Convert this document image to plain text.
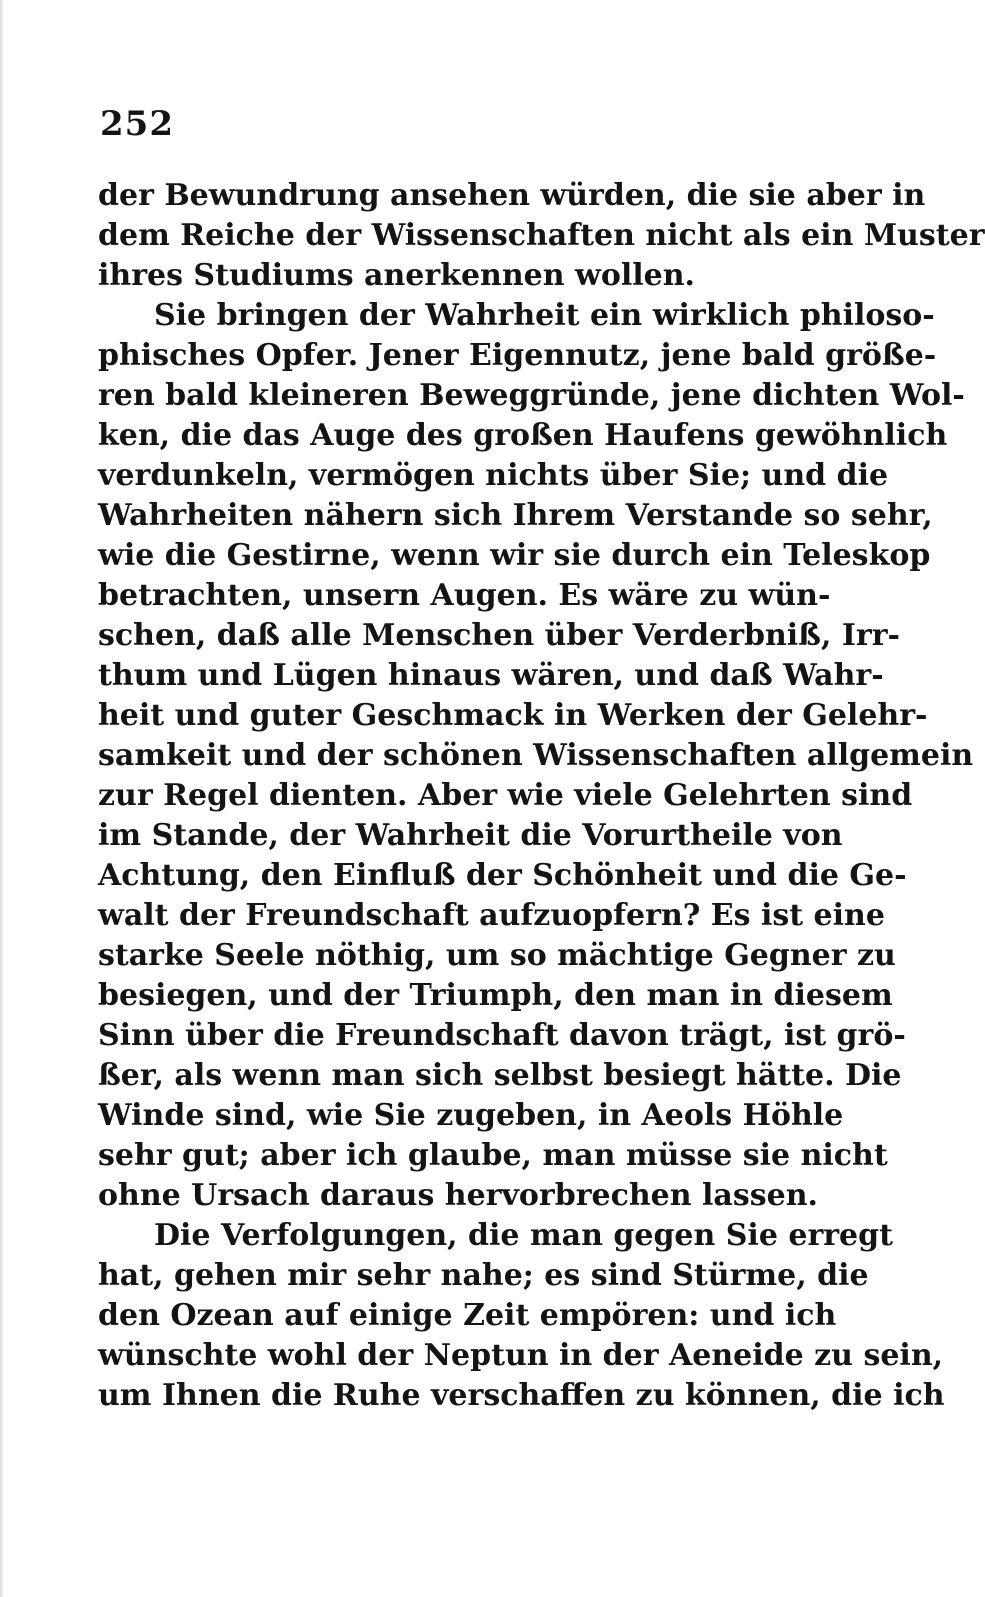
252
der Bewundrung ansehen würden, die sie aber in
dem Reiche der Wissenschaften nicht als ein Muster
ihres Studiums anerkennen wollen.
Sie bringen der Wahrheit ein wirklich philoso-
phisches Opfer. Jener Eigennutz, jene bald größe-
ren bald kleineren Beweggründe, jene dichten Wol-
ken, die das Auge des großen Haufens gewöhnlich
verdunkeln, vermögen nichts über Sie; und die
Wahrheiten nähern sich Ihrem Verstande so sehr,
wie die Gestirne, wenn wir sie durch ein Teleskop
betrachten, unsern Augen. Es wäre zu wün-
schen, daß alle Menschen über Verderbniß, Irr-
thum und Lügen hinaus wären, und daß Wahr-
heit und guter Geschmack in Werken der Gelehr-
samkeit und der schönen Wissenschaften allgemein
zur Regel dienten. Aber wie viele Gelehrten sind
im Stande, der Wahrheit die Vorurtheile von
Achtung, den Einfluß der Schönheit und die Ge-
walt der Freundschaft aufzuopfern? Es ist eine
starke Seele nöthig, um so mächtige Gegner zu
besiegen, und der Triumph, den man in diesem
Sinn über die Freundschaft davon trägt, ist grö-
ßer, als wenn man sich selbst besiegt hätte. Die
Winde sind, wie Sie zugeben, in Aeols Höhle
sehr gut; aber ich glaube, man müsse sie nicht
ohne Ursach daraus hervorbrechen lassen.
Die Verfolgungen, die man gegen Sie erregt
hat, gehen mir sehr nahe; es sind Stürme, die
den Ozean auf einige Zeit empören: und ich
wünschte wohl der Neptun in der Aeneide zu sein,
um Ihnen die Ruhe verschaffen zu können, die ich
